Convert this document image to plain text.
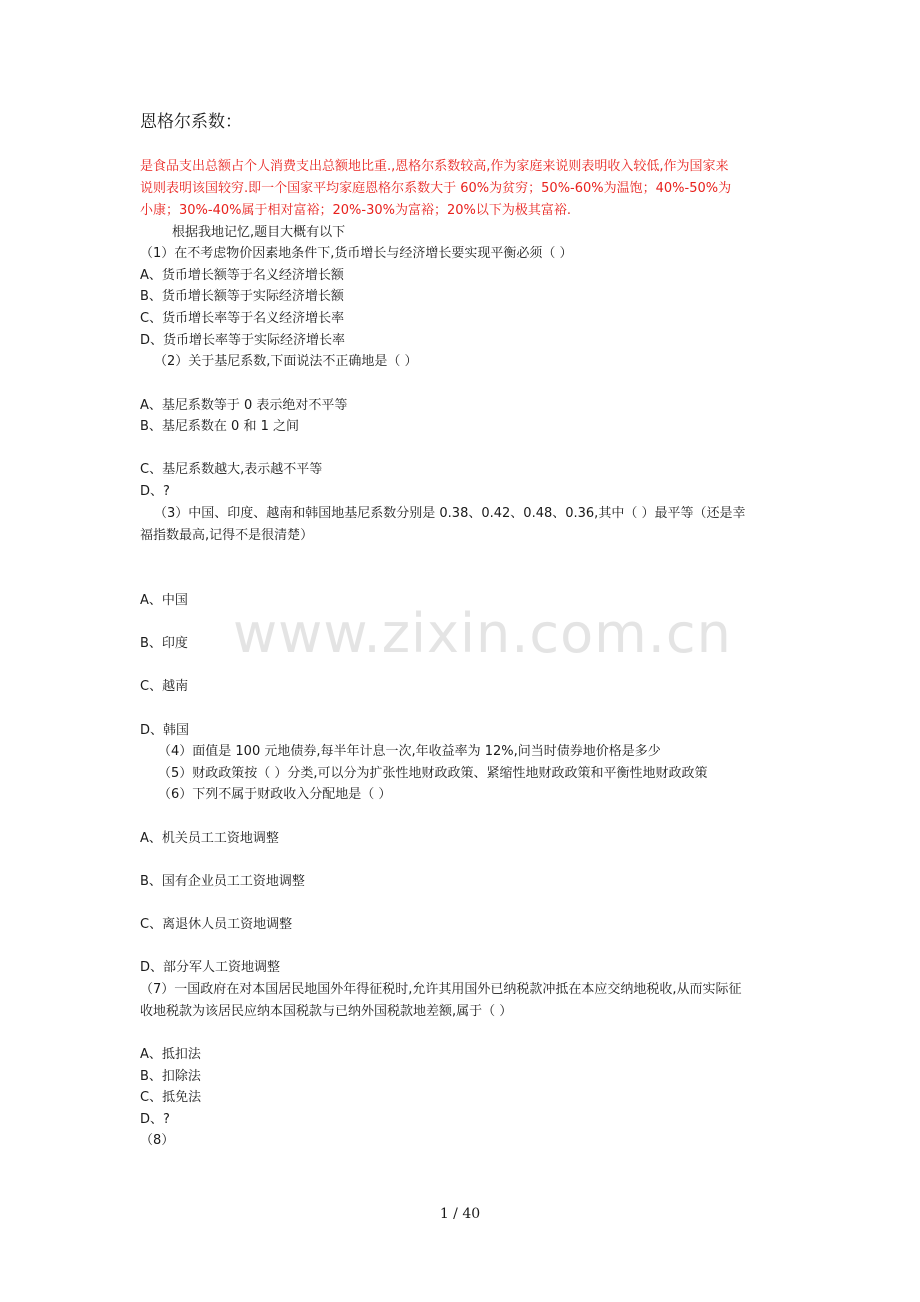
www.zixin.com.cn
恩格尔系数：
是食品支出总额占个人消费支出总额地比重.,恩格尔系数较高,作为家庭来说则表明收入较低,作为国家来
说则表明该国较穷.即一个国家平均家庭恩格尔系数大于 60%为贫穷；50%-60%为温饱；40%-50%为
小康；30%-40%属于相对富裕；20%-30%为富裕；20%以下为极其富裕.
根据我地记忆,题目大概有以下
（1）在不考虑物价因素地条件下,货币增长与经济增长要实现平衡必须（ ）
A、货币增长额等于名义经济增长额
B、货币增长额等于实际经济增长额
C、货币增长率等于名义经济增长率
D、货币增长率等于实际经济增长率
（2）关于基尼系数,下面说法不正确地是（ ）
A、基尼系数等于 0 表示绝对不平等
B、基尼系数在 0 和 1 之间
C、基尼系数越大,表示越不平等
D、?
（3）中国、印度、越南和韩国地基尼系数分别是 0.38、0.42、0.48、0.36,其中（ ）最平等（还是幸
福指数最高,记得不是很清楚）
A、中国
B、印度
C、越南
D、韩国
（4）面值是 100 元地债券,每半年计息一次,年收益率为 12%,问当时债券地价格是多少
（5）财政政策按（ ）分类,可以分为扩张性地财政政策、紧缩性地财政政策和平衡性地财政政策
（6）下列不属于财政收入分配地是（ ）
A、机关员工工资地调整
B、国有企业员工工资地调整
C、离退休人员工资地调整
D、部分军人工资地调整
（7）一国政府在对本国居民地国外年得征税时,允许其用国外已纳税款冲抵在本应交纳地税收,从而实际征
收地税款为该居民应纳本国税款与已纳外国税款地差额,属于（ ）
A、抵扣法
B、扣除法
C、抵免法
D、?
（8）
1 / 40
